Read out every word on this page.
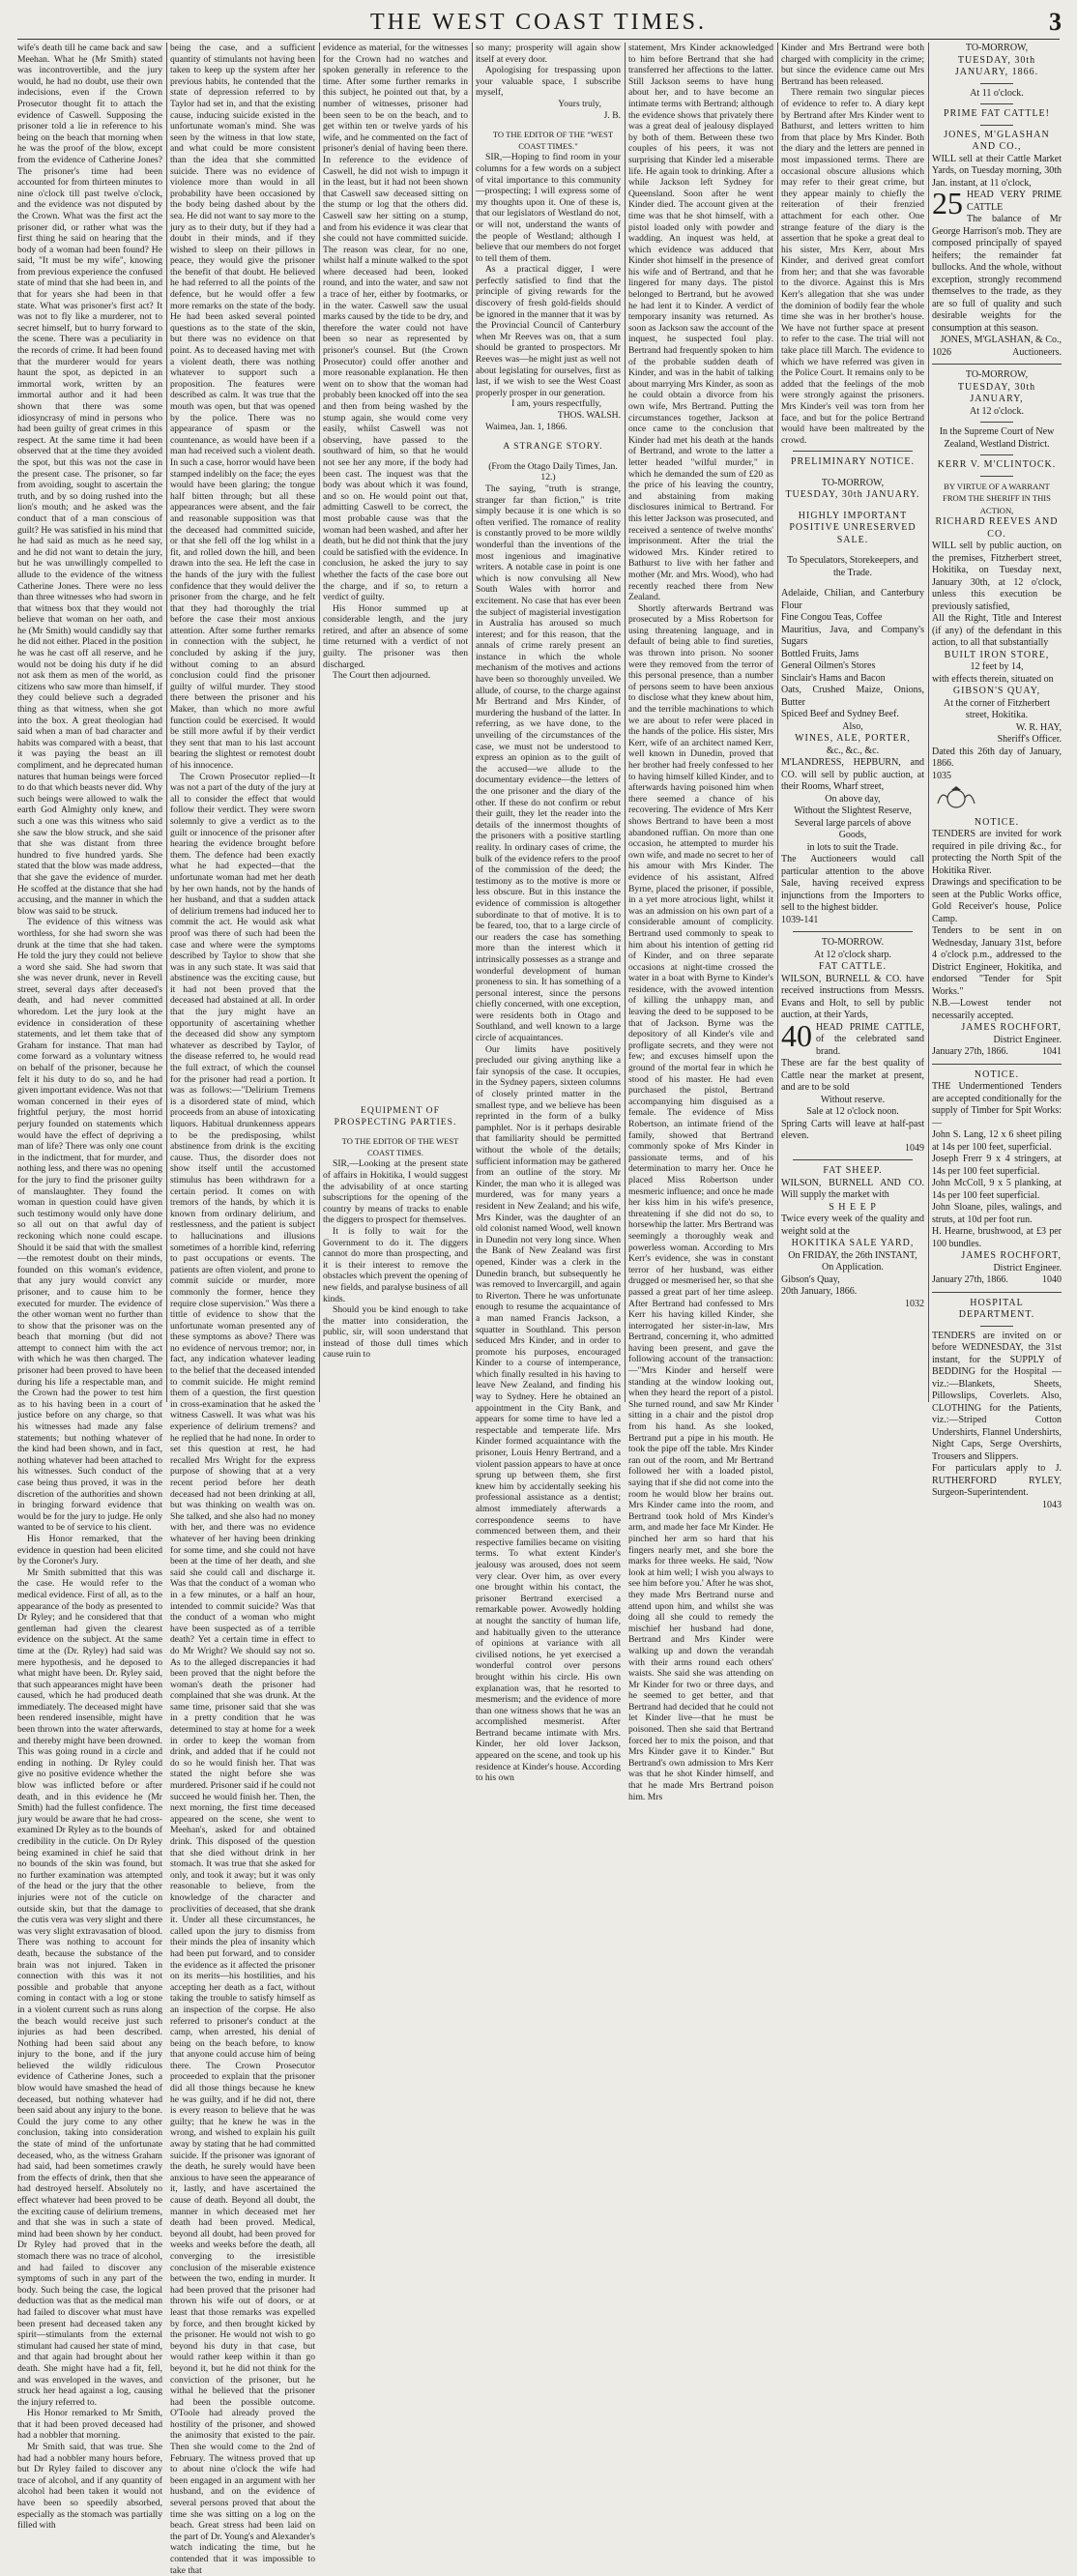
THE WEST COAST TIMES.	3

wife's death till he came back and saw Meehan. What he (Mr Smith) stated was incontrovertible, and the jury would, he had no doubt, use their own indecisions, even if the Crown Prosecutor thought fit to attach the evidence of Caswell. Supposing the prisoner told a lie in reference to his being on the beach that morning when he was the proof of the blow, except from the evidence of Catherine Jones? The prisoner's time had been accounted for from thirteen minutes to nine o'clock till past twelve o'clock, and the evidence was not disputed by the Crown. What was the first act the prisoner did, or rather what was the first thing he said on hearing that the body of a woman had been found? He said, "It must be my wife", knowing from previous experience the confused state of mind that she had been in, and that for years she had been in that state. What was prisoner's first act? It was not to fly like a murderer, not to secret himself, but to hurry forward to the scene. There was a peculiarity in the records of crime. It had been found that the murderer would for years haunt the spot, as depicted in an immortal work, written by an immortal author and it had been shown that there was some idiosyncrasy of mind in persons who had been guilty of great crimes in this respect. At the same time it had been observed that at the time they avoided the spot, but this was not the case in the present case. The prisoner, so far from avoiding, sought to ascertain the truth, and by so doing rushed into the lion's mouth; and he asked was the conduct that of a man conscious of guilt? He was satisfied in his mind that he had said as much as he need say, and he did not want to detain the jury, but he was unwillingly compelled to allude to the evidence of the witness Catherine Jones. There were no less than three witnesses who had sworn in that witness box that they would not believe that woman on her oath, and he (Mr Smith) would candidly say that he did not either. Placed in the position he was he cast off all reserve, and he would not be doing his duty if he did not ask them as men of the world, as citizens who saw more than himself, if they could believe such a degraded thing as that witness, when she got into the box. A great theologian had said when a man of bad character and habits was compared with a beast, that it was paying the beast an ill compliment, and he deprecated human natures that human beings were forced to do that which beasts never did. Why such beings were allowed to walk the earth God Almighty only knew, and such a one was this witness who said she saw the blow struck, and she said that she was distant from three hundred to five hundred yards. She stated that the blow was made address, that she gave the evidence of murder. He scoffed at the distance that she had accusing, and the manner in which the blow was said to be struck.

The evidence of this witness was worthless, for she had sworn she was drunk at the time that she had taken. He told the jury they could not believe a word she said. She had sworn that she was never drunk, never in Revell street, several days after deceased's death, and had never committed whoredom. Let the jury look at the evidence in consideration of these statements, and let them take that of Graham for instance. That man had come forward as a voluntary witness on behalf of the prisoner, because he felt it his duty to do so, and he had given important evidence. Was not that woman concerned in their eyes of frightful perjury, the most horrid perjury founded on statements which would have the effect of depriving a man of life? There was only one count in the indictment, that for murder, and nothing less, and there was no opening for the jury to find the prisoner guilty of manslaughter. They found the woman in question could have given such testimony would only have done so all out on that awful day of reckoning which none could escape. Should it be said that with the smallest—the remotest doubt on their minds, founded on this woman's evidence, that any jury would convict any prisoner, and to cause him to be executed for murder. The evidence of the other woman went no further than to show that the prisoner was on the beach that morning (but did not attempt to connect him with the act with which he was then charged. The prisoner had been proved to have been during his life a respectable man, and the Crown had the power to test him as to his having been in a court of justice before on any charge, so that his witnesses had made any false statements; but nothing whatever of the kind had been shown, and in fact, nothing whatever had been attached to his witnesses. Such conduct of the case being thus proved, it was in the discretion of the authorities and shown in bringing forward evidence that would be for the jury to judge. He only wanted to be of service to his client.

His Honor remarked, that the evidence in question had been elicited by the Coroner's Jury.

Mr Smith submitted that this was the case. He would refer to the medical evidence. First of all, as to the appearance of the body as presented to Dr Ryley; and he considered that that gentleman had given the clearest evidence on the subject. At the same time at the (Dr. Ryley) had said was mere hypothesis, and he deposed to what might have been. Dr. Ryley said, that such appearances might have been caused, which he had produced death immediately. The deceased might have been rendered insensible, might have been thrown into the water afterwards, and thereby might have been drowned. This was going round in a circle and ending in nothing. Dr Ryley could give no positive evidence whether the blow was inflicted before or after death, and in this evidence he (Mr Smith) had the fullest confidence. The jury would be aware that he had cross-examined Dr Ryley as to the bounds of credibility in the cuticle. On Dr Ryley being examined in chief he said that no bounds of the skin was found, but no further examination was attempted of the head or the jury that the other injuries were not of the cuticle on outside skin, but that the damage to the cutis vera was very slight and there was very slight extravasation of blood. There was nothing to account for death, because the substance of the brain was not injured. Taken in connection with this was it not possible and probable that anyone coming in contact with a log or stone in a violent current such as runs along the beach would receive just such injuries as had been described. Nothing had been said about any injury to the bone, and if the jury believed the wildly ridiculous evidence of Catherine Jones, such a blow would have smashed the head of deceased, but nothing whatever had been said about any injury to the bone. Could the jury come to any other conclusion, taking into consideration the state of mind of the unfortunate deceased, who, as the witness Graham had said, had been sometimes crawly from the effects of drink, then that she had destroyed herself. Absolutely no effect whatever had been proved to be the exciting cause of delirium tremens, and that she was in such a state of mind had been shown by her conduct. Dr Ryley had proved that in the stomach there was no trace of alcohol, and had failed to discover any symptoms of such in any part of the body. Such being the case, the logical deduction was that as the medical man had failed to discover what must have been present had deceased taken any spirit—stimulants from the external stimulant had caused her state of mind, and that again had brought about her death. She might have had a fit, fell, and was enveloped in the waves, and struck her head against a log, causing the injury referred to.

His Honor remarked to Mr Smith, that it had been proved deceased had had a nobbler that morning.

Mr Smith said, that was true. She had had a nobbler many hours before, but Dr Ryley failed to discover any trace of alcohol, and if any quantity of alcohol had been taken it would not have been so speedily absorbed, especially as the stomach was partially filled with

being the case, and a sufficient quantity of stimulants not having been taken to keep up the system after her previous habits, he contended that the state of depression referred to by Taylor had set in, and that the existing cause, inducing suicide existed in the unfortunate woman's mind. She was seen by the witness in that low state, and what could be more consistent than the idea that she committed suicide. There was no evidence of violence more than would in all probability have been occasioned by the body being dashed about by the sea. He did not want to say more to the jury as to their duty, but if they had a doubt in their minds, and if they wished to sleep on their pillows in peace, they would give the prisoner the benefit of that doubt. He believed he had referred to all the points of the defence, but he would offer a few more remarks on the state of the body. He had been asked several pointed questions as to the state of the skin, but there was no evidence on that point. As to deceased having met with a violent death, there was nothing whatever to support such a proposition. The features were described as calm. It was true that the mouth was open, but that was opened by the police. There was no appearance of spasm or the countenance, as would have been if a man had received such a violent death. In such a case, horror would have been stamped indelibly on the face; the eyes would have been glaring; the tongue half bitten through; but all these appearances were absent, and the fair and reasonable supposition was that the deceased had committed suicide, or that she fell off the log whilst in a fit, and rolled down the hill, and been drawn into the sea. He left the case in the hands of the jury with the fullest confidence that they would deliver the prisoner from the charge, and he felt that they had thoroughly the trial before the case their most anxious attention. After some further remarks in connection with the subject, he concluded by asking if the jury, without coming to an absurd conclusion could find the prisoner guilty of wilful murder. They stood there between the prisoner and his Maker, than which no more awful function could be exercised. It would be still more awful if by their verdict they sent that man to his last account bearing the slightest or remotest doubt of his innocence.

The Crown Prosecutor replied—It was not a part of the duty of the jury at all to consider the effect that would follow their verdict. They were sworn solemnly to give a verdict as to the guilt or innocence of the prisoner after hearing the evidence brought before them. The defence had been exactly what he had expected—that the unfortunate woman had met her death by her own hands, not by the hands of her husband, and that a sudden attack of delirium tremens had induced her to commit the act. He would ask what proof was there of such had been the case and where were the symptoms described by Taylor to show that she was in any such state. It was said that abstinence was the exciting cause, but it had not been proved that the deceased had abstained at all. In order that the jury might have an opportunity of ascertaining whether the deceased did show any symptom whatever as described by Taylor, of the disease referred to, he would read the full extract, of which the counsel for the prisoner had read a portion. It was as follows:—"Delirium Tremens is a disordered state of mind, which proceeds from an abuse of intoxicating liquors. Habitual drunkenness appears to be the predisposing, whilst abstinence from drink is the exciting cause. Thus, the disorder does not show itself until the accustomed stimulus has been withdrawn for a certain period. It comes on with tremors of the hands, by which it is known from ordinary delirium, and restlessness, and the patient is subject to hallucinations and illusions sometimes of a horrible kind, referring to past occupations or events. The patients are often violent, and prone to commit suicide or murder, more commonly the former, hence they require close supervision." Was there a tittle of evidence to show that the unfortunate woman presented any of these symptoms as above? There was no evidence of nervous tremor; nor, in fact, any indication whatever leading to the belief that the deceased intended to commit suicide. He might remind them of a question, the first question in cross-examination that he asked the witness Caswell. It was what was his experience of delirium tremens? and he replied that he had none. In order to set this question at rest, he had recalled Mrs Wright for the express purpose of showing that at a very recent period before her death deceased had not been drinking at all, but was thinking on wealth was on. She talked, and she also had no money with her, and there was no evidence whatever of her having been drinking for some time, and she could not have been at the time of her death, and she said she could call and discharge it. Was that the conduct of a woman who in a few minutes, or a half an hour, intended to commit suicide? Was that the conduct of a woman who might have been suspected as of a terrible death? Yet a certain time in effect to do Mr Wright? We should say not so. As to the alleged discrepancies it had been proved that the night before the woman's death the prisoner had complained that she was drunk. At the same time, prisoner said that she was in a pretty condition that he was determined to stay at home for a week in order to keep the woman from drink, and added that if he could not do so he would finish her. That was stated the night before she was murdered. Prisoner said if he could not succeed he would finish her. Then, the next morning, the first time deceased appeared on the scene, she went to Meehan's, asked for and obtained drink. This disposed of the question that she died without drink in her stomach. It was true that she asked for only, and took it away; but it was only reasonable to believe, from the knowledge of the character and proclivities of deceased, that she drank it. Under all these circumstances, he called upon the jury to dismiss from their minds the plea of insanity which had been put forward, and to consider the evidence as it affected the prisoner on its merits—his hostilities, and his accepting her death as a fact, without taking the trouble to satisfy himself as an inspection of the corpse. He also referred to prisoner's conduct at the camp, when arrested, his denial of being on the beach before, to know that anyone could accuse him of being there. The Crown Prosecutor proceeded to explain that the prisoner did all those things because he knew he was guilty, and if he did not, there is every reason to believe that he was guilty; that he knew he was in the wrong, and wished to explain his guilt away by stating that he had committed suicide. If the prisoner was ignorant of the death, he surely would have been anxious to have seen the appearance of it, lastly, and have ascertained the cause of death. Beyond all doubt, the manner in which deceased met her death had been proved. Medical, beyond all doubt, had been proved for weeks and weeks before the death, all converging to the irresistible conclusion of the miserable existence between the two, ending in murder. It had been proved that the prisoner had thrown his wife out of doors, or at least that those remarks was expelled by force, and then brought kicked by the prisoner. He would not wish to go beyond his duty in that case, but would rather keep within it than go beyond it, but he did not think for the conviction of the prisoner, but he withal he believed that the prisoner had been the possible outcome. O'Toole had already proved the hostility of the prisoner, and showed the animosity that existed to the pair. Then she would come to the 2nd of February. The witness proved that up to about nine o'clock the wife had been engaged in an argument with her husband, and on the evidence of several persons proved that about the time she was sitting on a log on the beach. Great stress had been laid on the part of Dr. Young's and Alexander's watch indicating the time, but he contended that it was impossible to take that

evidence as material, for the witnesses for the Crown had no watches and spoken generally in reference to the time. After some further remarks in this subject, he pointed out that, by a number of witnesses, prisoner had been seen to be on the beach, and to get within ten or twelve yards of his wife, and he commented on the fact of prisoner's denial of having been there. In reference to the evidence of Caswell, he did not wish to impugn it in the least, but it had not been shown that Caswell saw deceased sitting on the stump or log that the others did. Caswell saw her sitting on a stump, and from his evidence it was clear that she could not have committed suicide. The reason was clear, for no one, whilst half a minute walked to the spot where deceased had been, looked round, and into the water, and saw not a trace of her, either by footmarks, or in the water. Caswell saw the usual marks caused by the tide to be dry, and therefore the water could not have been so near as represented by prisoner's counsel. But (the Crown Prosecutor) could offer another and more reasonable explanation. He then went on to show that the woman had probably been knocked off into the sea and then from being washed by the stump again, she would come very easily, whilst Caswell was not observing, have passed to the southward of him, so that he would not see her any more, if the body had been cast. The inquest was that the body was about which it was found, and so on. He would point out that, admitting Caswell to be correct, the most probable cause was that the woman had been washed, and after her death, but he did not think that the jury could be satisfied with the evidence. In conclusion, he asked the jury to say whether the facts of the case bore out the charge, and if so, to return a verdict of guilty.

His Honor summed up at considerable length, and the jury retired, and after an absence of some time returned with a verdict of not guilty. The prisoner was then discharged.

The Court then adjourned.

EQUIPMENT OF PROSPECTING PARTIES.

TO THE EDITOR OF THE WEST COAST TIMES.

SIR,—Looking at the present state of affairs in Hokitika, I would suggest the advisability of at once starting subscriptions for the opening of the country by means of tracks to enable the diggers to prospect for themselves.

It is folly to wait for the Government to do it. The diggers cannot do more than prospecting, and it is their interest to remove the obstacles which prevent the opening of new fields, and paralyse business of all kinds.

Should you be kind enough to take the matter into consideration, the public, sir, will soon understand that instead of those dull times which cause ruin to

so many; prosperity will again show itself at every door.

Apologising for trespassing upon your valuable space, I subscribe myself,

Yours truly,

J. B.

TO THE EDITOR OF THE "WEST COAST TIMES."

SIR,—Hoping to find room in your columns for a few words on a subject of vital importance to this community—prospecting; I will express some of my thoughts upon it. One of these is, that our legislators of Westland do not, or will not, understand the wants of the people of Westland; although I believe that our members do not forget to tell them of them.

As a practical digger, I were perfectly satisfied to find that the principle of giving rewards for the discovery of fresh gold-fields should be ignored in the manner that it was by the Provincial Council of Canterbury when Mr Reeves was on, that a sum should be granted to prospectors. Mr Reeves was—he might just as well not about legislating for ourselves, first as last, if we wish to see the West Coast properly prosper in our generation.

I am, yours respectfully,

THOS. WALSH.

Waimea, Jan. 1, 1866.

A STRANGE STORY.

(From the Otago Daily Times, Jan. 12.)

The saying, "truth is strange, stranger far than fiction," is trite simply because it is one which is so often verified. The romance of reality is constantly proved to be more wildly wonderful than the inventions of the most ingenious and imaginative writers. A notable case in point is one which is now convulsing all New South Wales with horror and excitement. No case that has ever been the subject of magisterial investigation in Australia has aroused so much interest; and for this reason, that the annals of crime rarely present an instance in which the whole mechanism of the motives and actions have been so thoroughly unveiled. We allude, of course, to the charge against Mr Bertrand and Mrs Kinder, of murdering the husband of the latter. In referring, as we have done, to the unveiling of the circumstances of the case, we must not be understood to express an opinion as to the guilt of the accused—we allude to the documentary evidence—the letters of the one prisoner and the diary of the other. If these do not confirm or rebut their guilt, they let the reader into the details of the innermost thoughts of the prisoners with a positive startling reality. In ordinary cases of crime, the bulk of the evidence refers to the proof of the commission of the deed; the testimony as to the motive is more or less obscure. But in this instance the evidence of commission is altogether subordinate to that of motive. It is to be feared, too, that to a large circle of our readers the case has something more than the interest which it intrinsically possesses as a strange and wonderful development of human proneness to sin. It has something of a personal interest, since the persons chiefly concerned, with one exception, were residents both in Otago and Southland, and well known to a large circle of acquaintances.

Our limits have positively precluded our giving anything like a fair synopsis of the case. It occupies, in the Sydney papers, sixteen columns of closely printed matter in the smallest type, and we believe has been reprinted in the form of a bulky pamphlet. Nor is it perhaps desirable that familiarity should be permitted without the whole of the details; sufficient information may be gathered from an outline of the story. Mr Kinder, the man who it is alleged was murdered, was for many years a resident in New Zealand; and his wife, Mrs Kinder, was the daughter of an old colonist named Wood, well known in Dunedin not very long since. When the Bank of New Zealand was first opened, Kinder was a clerk in the Dunedin branch, but subsequently he was removed to Invercargill, and again to Riverton. There he was unfortunate enough to resume the acquaintance of a man named Francis Jackson, a squatter in Southland. This person seduced Mrs Kinder, and in order to promote his purposes, encouraged Kinder to a course of intemperance, which finally resulted in his having to leave New Zealand, and finding his way to Sydney. Here he obtained an appointment in the City Bank, and appears for some time to have led a respectable and temperate life. Mrs Kinder formed acquaintance with the prisoner, Louis Henry Bertrand, and a violent passion appears to have at once sprung up between them, she first knew him by accidentally seeking his professional assistance as a dentist; almost immediately afterwards a correspondence seems to have commenced between them, and their respective families became on visiting terms. To what extent Kinder's jealousy was aroused, does not seem very clear. Over him, as over every one brought within his contact, the prisoner Bertrand exercised a remarkable power. Avowedly holding at nought the sanctity of human life, and habitually given to the utterance of opinions at variance with all civilised notions, he yet exercised a wonderful control over persons brought within his circle. His own explanation was, that he resorted to mesmerism; and the evidence of more than one witness shows that he was an accomplished mesmerist. After Bertrand became intimate with Mrs. Kinder, her old lover Jackson, appeared on the scene, and took up his residence at Kinder's house. According to his own

statement, Mrs Kinder acknowledged to him before Bertrand that she had transferred her affections to the latter. Still Jackson seems to have hung about her, and to have become an intimate terms with Bertrand; although the evidence shows that privately there was a great deal of jealousy displayed by both of them. Between these two couples of his peers, it was not surprising that Kinder led a miserable life. He again took to drinking. After a while Jackson left Sydney for Queensland. Soon after he went Kinder died. The account given at the time was that he shot himself, with a pistol loaded only with powder and wadding. An inquest was held, at which evidence was adduced that Kinder shot himself in the presence of his wife and of Bertrand, and that he lingered for many days. The pistol belonged to Bertrand, but he avowed he had lent it to Kinder. A verdict of temporary insanity was returned. As soon as Jackson saw the account of the inquest, he suspected foul play. Bertrand had frequently spoken to him of the probable sudden death of Kinder, and was in the habit of talking about marrying Mrs Kinder, as soon as he could obtain a divorce from his own wife, Mrs Bertrand. Putting the circumstances together, Jackson at once came to the conclusion that Kinder had met his death at the hands of Bertrand, and wrote to the latter a letter headed "wilful murder," in which he demanded the sum of £20 as the price of his leaving the country, and abstaining from making disclosures inimical to Bertrand. For this letter Jackson was prosecuted, and received a sentence of twelve months' imprisonment. After the trial the widowed Mrs. Kinder retired to Bathurst to live with her father and mother (Mr. and Mrs. Wood), who had recently reached there from New Zealand.

Shortly afterwards Bertrand was prosecuted by a Miss Robertson for using threatening language, and in default of being able to find sureties, was thrown into prison. No sooner were they removed from the terror of this personal presence, than a number of persons seem to have been anxious to disclose what they knew about him, and the terrible machinations to which we are about to refer were placed in the hands of the police. His sister, Mrs Kerr, wife of an architect named Kerr, well known in Dunedin, proved that her brother had freely confessed to her to having himself killed Kinder, and to afterwards having poisoned him when there seemed a chance of his recovering. The evidence of Mrs Kerr shows Bertrand to have been a most abandoned ruffian. On more than one occasion, he attempted to murder his own wife, and made no secret to her of his amour with Mrs Kinder. The evidence of his assistant, Alfred Byrne, placed the prisoner, if possible, in a yet more atrocious light, whilst it was an admission on his own part of a considerable amount of complicity. Bertrand used commonly to speak to him about his intention of getting rid of Kinder, and on three separate occasions at night-time crossed the water in a boat with Byrne to Kinder's residence, with the avowed intention of killing the unhappy man, and leaving the deed to be supposed to be that of Jackson. Byrne was the depository of all Kinder's vile and profligate secrets, and they were not few; and excuses himself upon the ground of the mortal fear in which he stood of his master. He had even purchased the pistol, Bertrand accompanying him disguised as a female. The evidence of Miss Robertson, an intimate friend of the family, showed that Bertrand commonly spoke of Mrs Kinder in passionate terms, and of his determination to marry her. Once he placed Miss Robertson under mesmeric influence; and once he made her kiss him in his wife's presence, threatening if she did not do so, to horsewhip the latter. Mrs Bertrand was seemingly a thoroughly weak and powerless woman. According to Mrs Kerr's evidence, she was in constant terror of her husband, was either drugged or mesmerised her, so that she passed a great part of her time asleep. After Bertrand had confessed to Mrs Kerr his having killed Kinder, she interrogated her sister-in-law, Mrs Bertrand, concerning it, who admitted having been present, and gave the following account of the transaction:—"Mrs Kinder and herself were standing at the window looking out, when they heard the report of a pistol. She turned round, and saw Mr Kinder sitting in a chair and the pistol drop from his hand. As she looked, Bertrand put a pipe in his mouth. He took the pipe off the table. Mrs Kinder ran out of the room, and Mr Bertrand followed her with a loaded pistol, saying that if she did not come into the room he would blow her brains out. Mrs Kinder came into the room, and Bertrand took hold of Mrs Kinder's arm, and made her face Mr Kinder. He pinched her arm so hard that his fingers nearly met, and she bore the marks for three weeks. He said, 'Now look at him well; I wish you always to see him before you.' After he was shot, they made Mrs Bertrand nurse and attend upon him, and whilst she was doing all she could to remedy the mischief her husband had done, Bertrand and Mrs Kinder were walking up and down the verandah with their arms round each others' waists. She said she was attending on Mr Kinder for two or three days, and he seemed to get better, and that Bertrand had decided that he could not let Kinder live—that he must be poisoned. Then she said that Bertrand forced her to mix the poison, and that Mrs Kinder gave it to Kinder." But Bertrand's own admission to Mrs Kerr was that he shot Kinder himself, and that he made Mrs Bertrand poison him. Mrs

Kinder and Mrs Bertrand were both charged with complicity in the crime; but since the evidence came out Mrs Bertrand has been released.

There remain two singular pieces of evidence to refer to. A diary kept by Bertrand after Mrs Kinder went to Bathurst, and letters written to him from that place by Mrs Kinder. Both the diary and the letters are penned in most impassioned terms. There are occasional obscure allusions which may refer to their great crime, but they appear mainly to chiefly the reiteration of their frenzied attachment for each other. One strange feature of the diary is the assertion that he spoke a great deal to his sister, Mrs Kerr, about Mrs Kinder, and derived great comfort from her; and that she was favorable to the divorce. Against this is Mrs Kerr's allegation that she was under the dominion of bodily fear the whole time she was in her brother's house. We have not further space at present to refer to the case. The trial will not take place till March. The evidence to which we have referred was given in the Police Court. It remains only to be added that the feelings of the mob were strongly against the prisoners. Mrs Kinder's veil was torn from her face, and but for the police Bertrand would have been maltreated by the crowd.

PRELIMINARY NOTICE.

TO-MORROW,

TUESDAY, 30th JANUARY.

HIGHLY IMPORTANT

POSITIVE UNRESERVED SALE.

To Speculators, Storekeepers, and the Trade.

Adelaide, Chilian, and Canterbury Flour

Fine Congou Teas, Coffee

Mauritius, Java, and Company's Sugars

Bottled Fruits, Jams

General Oilmen's Stores

Sinclair's Hams and Bacon

Oats, Crushed Maize, Onions, Butter

Spiced Beef and Sydney Beef.

Also,

WINES, ALE, PORTER,

&c., &c., &c.

M'LANDRESS, HEPBURN, and CO. will sell by public auction, at their Rooms, Wharf street,

On above day,

Without the Slightest Reserve,

Several large parcels of above Goods,

in lots to suit the Trade.

The Auctioneers would call particular attention to the above Sale, having received express injunctions from the Importers to sell to the highest bidder.

1039-141

TO-MORROW.

At 12 o'clock sharp.

FAT CATTLE.

WILSON, BURNELL & CO. have received instructions from Messrs. Evans and Holt, to sell by public auction, at their Yards,

40 HEAD PRIME CATTLE, of the celebrated sand brand.

These are far the best quality of Cattle near the market at present, and are to be sold

Without reserve.

Sale at 12 o'clock noon.

Spring Carts will leave at half-past eleven.

1049

FAT SHEEP.

WILSON, BURNELL AND CO. Will supply the market with

S H E E P

Twice every week of the quality and weight sold at the

HOKITIKA SALE YARD,

On FRIDAY, the 26th INSTANT,

On Application.

Gibson's Quay,

20th January, 1866.

1032

TO-MORROW,

TUESDAY, 30th JANUARY, 1866.

At 11 o'clock.

PRIME FAT CATTLE!

JONES, M'GLASHAN AND CO.,

WILL sell at their Cattle Market Yards, on Tuesday morning, 30th Jan. instant, at 11 o'clock,

25 HEAD VERY PRIME CATTLE

The balance of Mr George Harrison's mob. They are composed principally of spayed heifers; the remainder fat bullocks. And the whole, without exception, strongly recommend themselves to the trade, as they are so full of quality and such desirable weights for the consumption at this season.

JONES, M'GLASHAN, & Co.,

1026	Auctioneers.

TO-MORROW,

TUESDAY, 30th JANUARY,

At 12 o'clock.

In the Supreme Court of New Zealand, Westland District.

KERR V. M'CLINTOCK.

BY VIRTUE OF A WARRANT FROM THE SHERIFF IN THIS ACTION,

RICHARD REEVES AND CO.

WILL sell by public auction, on the premises, Fitzherbert street, Hokitika, on Tuesday next, January 30th, at 12 o'clock, unless this execution be previously satisfied,

All the Right, Title and Interest (if any) of the defendant in this action, to all that substantially

BUILT IRON STORE,

12 feet by 14,

with effects therein, situated on

GIBSON'S QUAY,

At the corner of Fitzherbert street, Hokitika.

W. R. HAY,

Sheriff's Officer.

Dated this 26th day of January, 1866.

1035

NOTICE.

TENDERS are invited for work required in pile driving &c., for protecting the North Spit of the Hokitika River.

Drawings and specification to be seen at the Public Works office, Gold Receiver's house, Police Camp.

Tenders to be sent in on Wednesday, January 31st, before 4 o'clock p.m., addressed to the District Engineer, Hokitika, and endorsed "Tender for Spit Works."

N.B.—Lowest tender not necessarily accepted.

JAMES ROCHFORT,

District Engineer.

January 27th, 1866.	1041

NOTICE.

THE Undermentioned Tenders are accepted conditionally for the supply of Timber for Spit Works:—

John S. Lang, 12 x 6 sheet piling at 14s per 100 feet, superficial.

Joseph Frerr 9 x 4 stringers, at 14s per 100 feet superficial.

John McColl, 9 x 5 planking, at 14s per 100 feet superficial.

John Sloane, piles, walings, and struts, at 10d per foot run.

H. Hearne, brushwood, at £3 per 100 bundles.

JAMES ROCHFORT,

District Engineer.

January 27th, 1866.	1040

HOSPITAL DEPARTMENT.

TENDERS are invited on or before WEDNESDAY, the 31st instant, for the SUPPLY of BEDDING for the Hospital —viz.:—Blankets, Sheets, Pillowslips, Coverlets. Also, CLOTHING for the Patients, viz.:—Striped Cotton Undershirts, Flannel Undershirts, Night Caps, Serge Overshirts, Trousers and Slippers.

For particulars apply to J. RUTHERFORD RYLEY, Surgeon-Superintendent.

1043
